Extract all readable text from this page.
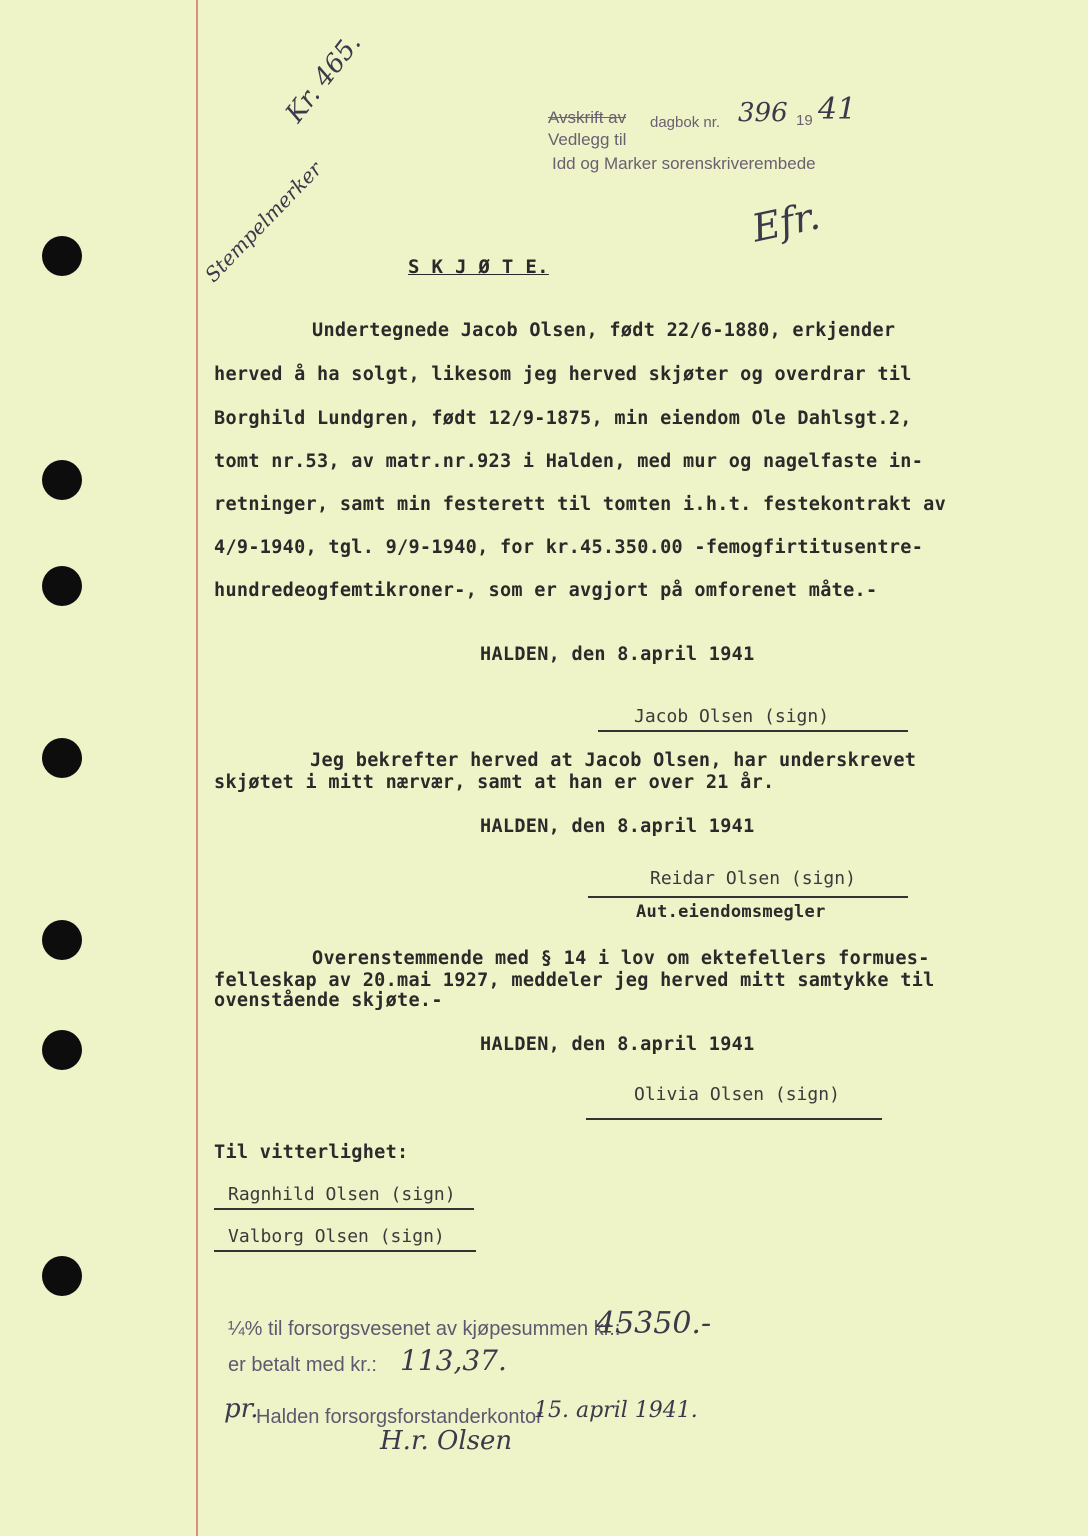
Avskrift av dagbok nr. 396 19 41
Vedlegg til
Idd og Marker sorenskriverembede
Kr. 465.
Stempelmerker	Efr.
S K J Ø T E.
Undertegnede Jacob Olsen, født 22/6-1880, erkjender
herved å ha solgt, likesom jeg herved skjøter og overdrar til
Borghild Lundgren, født 12/9-1875, min eiendom Ole Dahlsgt.2,
tomt nr.53, av matr.nr.923 i Halden, med mur og nagelfaste in-
retninger, samt min festerett til tomten i.h.t. festekontrakt av
4/9-1940, tgl. 9/9-1940, for kr.45.350.00 -femogfirtitusentre-
hundredeogfemtikroner-, som er avgjort på omforenet måte.-
HALDEN, den 8.april 1941
Jacob Olsen (sign)
Jeg bekrefter herved at Jacob Olsen, har underskrevet
skjøtet i mitt nærvær, samt at han er over 21 år.
HALDEN, den 8.april 1941
Reidar Olsen (sign)
Aut.eiendomsmegler
Overenstemmende med § 14 i lov om ektefellers formues-
felleskap av 20.mai 1927, meddeler jeg herved mitt samtykke til
ovenstående skjøte.-
HALDEN, den 8.april 1941
Olivia Olsen (sign)
Til vitterlighet:
Ragnhild Olsen (sign)
Valborg Olsen (sign)
¼% til forsorgsvesenet av kjøpesummen kr.:
45350.-
er betalt med kr.: 113,37.
pr.
Halden forsorgsforstanderkontor
15. april 1941.
H.r. Olsen
